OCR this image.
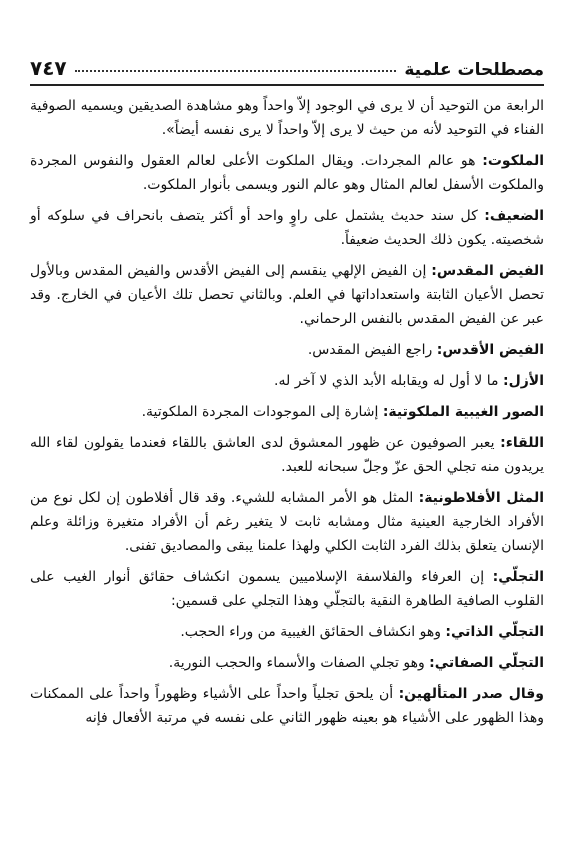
٧٤٧	مصطلحات علمية

الرابعة من التوحيد أن لا يرى في الوجود إلاّ واحداً وهو مشاهدة الصديقين ويسميه الصوفية الفناء في التوحيد لأنه من حيث لا يرى إلاّ واحداً لا يرى نفسه أيضاً».

الملكوت: هو عالم المجردات. ويقال الملكوت الأعلى لعالم العقول والنفوس المجردة والملكوت الأسفل لعالم المثال وهو عالم النور ويسمى بأنوار الملكوت.

الضعيف: كل سند حديث يشتمل على راوٍ واحد أو أكثر يتصف بانحراف في سلوكه أو شخصيته. يكون ذلك الحديث ضعيفاً.

الفيض المقدس: إن الفيض الإلهي ينقسم إلى الفيض الأقدس والفيض المقدس وبالأول تحصل الأعيان الثابتة واستعداداتها في العلم. وبالثاني تحصل تلك الأعيان في الخارج. وقد عبر عن الفيض المقدس بالنفس الرحماني.

الفيض الأقدس: راجع الفيض المقدس.

الأزل: ما لا أول له ويقابله الأبد الذي لا آخر له.

الصور الغيبية الملكوتية: إشارة إلى الموجودات المجردة الملكوتية.

اللقاء: يعبر الصوفيون عن ظهور المعشوق لدى العاشق باللقاء فعندما يقولون لقاء الله يريدون منه تجلي الحق عزّ وجلّ سبحانه للعبد.

المثل الأفلاطونية: المثل هو الأمر المشابه للشيء. وقد قال أفلاطون إن لكل نوع من الأفراد الخارجية العينية مثال ومشابه ثابت لا يتغير رغم أن الأفراد متغيرة وزائلة وعلم الإنسان يتعلق بذلك الفرد الثابت الكلي ولهذا علمنا يبقى والمصاديق تفنى.

التجلّي: إن العرفاء والفلاسفة الإسلاميين يسمون انكشاف حقائق أنوار الغيب على القلوب الصافية الطاهرة النقية بالتجلّي وهذا التجلي على قسمين:

التجلّي الذاتي: وهو انكشاف الحقائق الغيبية من وراء الحجب.

التجلّي الصفاتي: وهو تجلي الصفات والأسماء والحجب النورية.

وقال صدر المتألهين: أن يلحق تجلياً واحداً على الأشياء وظهوراً واحداً على الممكنات وهذا الظهور على الأشياء هو بعينه ظهور الثاني على نفسه في مرتبة الأفعال فإنه
